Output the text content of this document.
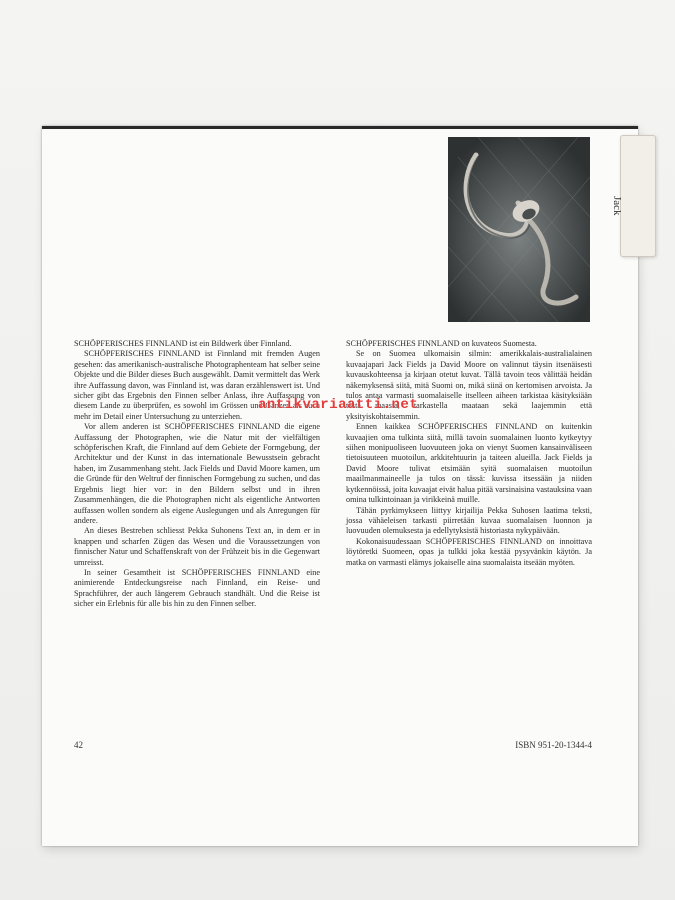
Jack

SCHÖPFERISCHES FINNLAND ist ein Bildwerk über Finnland.

SCHÖPFERISCHES FINNLAND ist Finnland mit fremden Augen gesehen: das amerikanisch-australische Photographenteam hat selber seine Objekte und die Bilder dieses Buch ausgewählt. Damit vermittelt das Werk ihre Auffassung davon, was Finnland ist, was daran erzählenswert ist. Und sicher gibt das Ergebnis den Finnen selber Anlass, ihre Auffassung von diesem Lande zu überprüfen, es sowohl im Grössen und Ganzen als auch mehr im Detail einer Untersuchung zu unterziehen.

Vor allem anderen ist SCHÖPFERISCHES FINNLAND die eigene Auffassung der Photographen, wie die Natur mit der vielfältigen schöpferischen Kraft, die Finnland auf dem Gebiete der Formgebung, der Architektur und der Kunst in das internationale Bewusstsein gebracht haben, im Zusammenhang steht. Jack Fields und David Moore kamen, um die Gründe für den Weltruf der finnischen Formgebung zu suchen, und das Ergebnis liegt hier vor: in den Bildern selbst und in ihren Zusammenhängen, die die Photographen nicht als eigentliche Antworten auffassen wollen sondern als eigene Auslegungen und als Anregungen für andere.

An dieses Bestreben schliesst Pekka Suhonens Text an, in dem er in knappen und scharfen Zügen das Wesen und die Voraussetzungen von finnischer Natur und Schaffenskraft von der Frühzeit bis in die Gegenwart umreisst.

In seiner Gesamtheit ist SCHÖPFERISCHES FINNLAND eine animierende Entdeckungsreise nach Finnland, ein Reise- und Sprachführer, der auch längerem Gebrauch standhält. Und die Reise ist sicher ein Erlebnis für alle bis hin zu den Finnen selber.

SCHÖPFERISCHES FINNLAND on kuvateos Suomesta.

Se on Suomea ulkomaisin silmin: amerikkalais-australialainen kuvaajapari Jack Fields ja David Moore on valinnut täysin itsenäisesti kuvauskohteensa ja kirjaan otetut kuvat. Tällä tavoin teos välittää heidän näkemyksensä siitä, mitä Suomi on, mikä siinä on kertomisen arvoista. Ja tulos antaa varmasti suomalaiselle itselleen aiheen tarkistaa käsityksiään tästä maasta, tarkastella maataan sekä laajemmin että yksityiskohtaisemmin.

Ennen kaikkea SCHÖPFERISCHES FINNLAND on kuitenkin kuvaajien oma tulkinta siitä, millä tavoin suomalainen luonto kytkeytyy siihen monipuoliseen luovuuteen joka on vienyt Suomen kansainväliseen tietoisuuteen muotoilun, arkkitehtuurin ja taiteen alueilla. Jack Fields ja David Moore tulivat etsimään syitä suomalaisen muotoilun maailmanmaineelle ja tulos on tässä: kuvissa itsessään ja niiden kytkennöissä, joita kuvaajat eivät halua pitää varsinaisina vastauksina vaan omina tulkintoinaan ja virikkeinä muille.

Tähän pyrkimykseen liittyy kirjailija Pekka Suhosen laatima teksti, jossa vähäeleisen tarkasti piirretään kuvaa suomalaisen luonnon ja luovuuden olemuksesta ja edellytyksistä historiasta nykypäivään.

Kokonaisuudessaan SCHÖPFERISCHES FINNLAND on innoittava löytöretki Suomeen, opas ja tulkki joka kestää pysyvänkin käytön. Ja matka on varmasti elämys jokaiselle aina suomalaista itseään myöten.

42	ISBN 951-20-1344-4
antikvariaatti.net
